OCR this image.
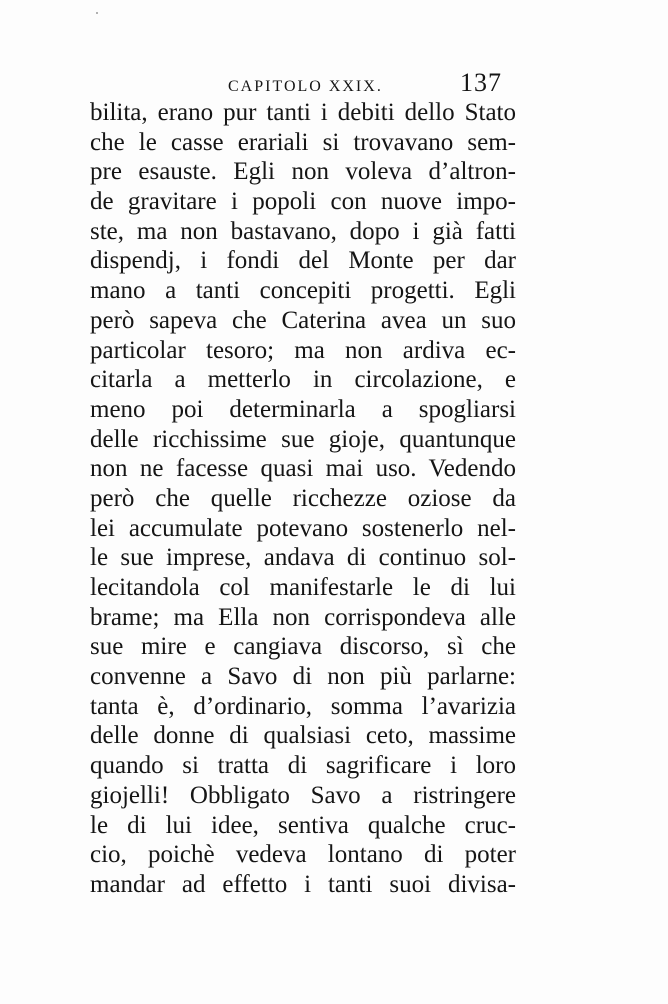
CAPITOLO XXIX.	137
bilita, erano pur tanti i debiti dello Stato
che le casse erariali si trovavano sem-
pre esauste. Egli non voleva d’altron-
de gravitare i popoli con nuove impo-
ste, ma non bastavano, dopo i già fatti
dispendj, i fondi del Monte per dar
mano a tanti concepiti progetti. Egli
però sapeva che Caterina avea un suo
particolar tesoro; ma non ardiva ec-
citarla a metterlo in circolazione, e
meno poi determinarla a spogliarsi
delle ricchissime sue gioje, quantunque
non ne facesse quasi mai uso. Vedendo
però che quelle ricchezze oziose da
lei accumulate potevano sostenerlo nel-
le sue imprese, andava di continuo sol-
lecitandola col manifestarle le di lui
brame; ma Ella non corrispondeva alle
sue mire e cangiava discorso, sì che
convenne a Savo di non più parlarne:
tanta è, d’ordinario, somma l’avarizia
delle donne di qualsiasi ceto, massime
quando si tratta di sagrificare i loro
giojelli! Obbligato Savo a ristringere
le di lui idee, sentiva qualche cruc-
cio, poichè vedeva lontano di poter
mandar ad effetto i tanti suoi divisa-
